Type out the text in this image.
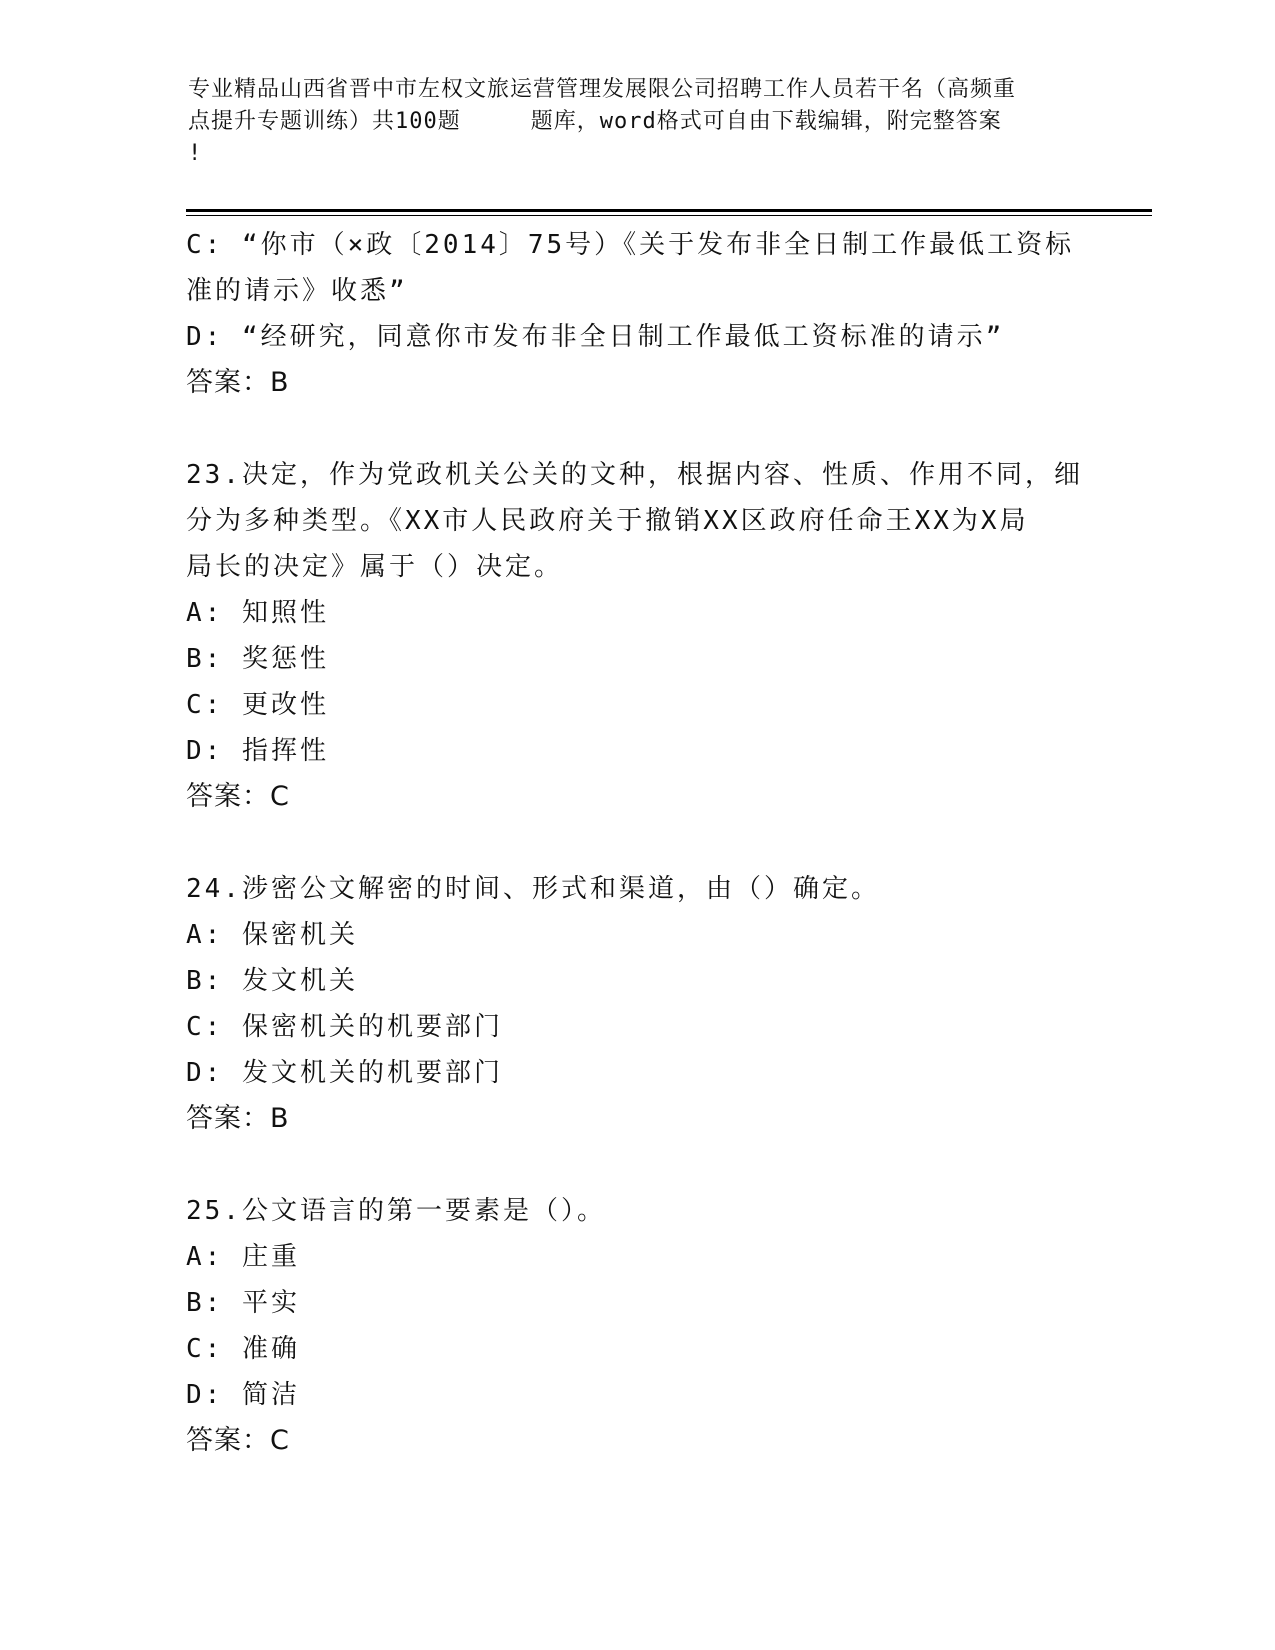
专业精品山西省晋中市左权文旅运营管理发展限公司招聘工作人员若干名（高频重
点提升专题训练）共100题	题库，word格式可自由下载编辑，附完整答案
!
C: “你市（×政〔2014〕75号）《关于发布非全日制工作最低工资标
准的请示》收悉”
D: “经研究，同意你市发布非全日制工作最低工资标准的请示”
答案：B
23.决定，作为党政机关公关的文种，根据内容、性质、作用不同，细
分为多种类型。《XX市人民政府关于撤销XX区政府任命王XX为X局
局长的决定》属于（）决定。
A: 知照性
B: 奖惩性
C: 更改性
D: 指挥性
答案：C
24.涉密公文解密的时间、形式和渠道，由（）确定。
A: 保密机关
B: 发文机关
C: 保密机关的机要部门
D: 发文机关的机要部门
答案：B
25.公文语言的第一要素是（）。
A: 庄重
B: 平实
C: 准确
D: 简洁
答案：C
